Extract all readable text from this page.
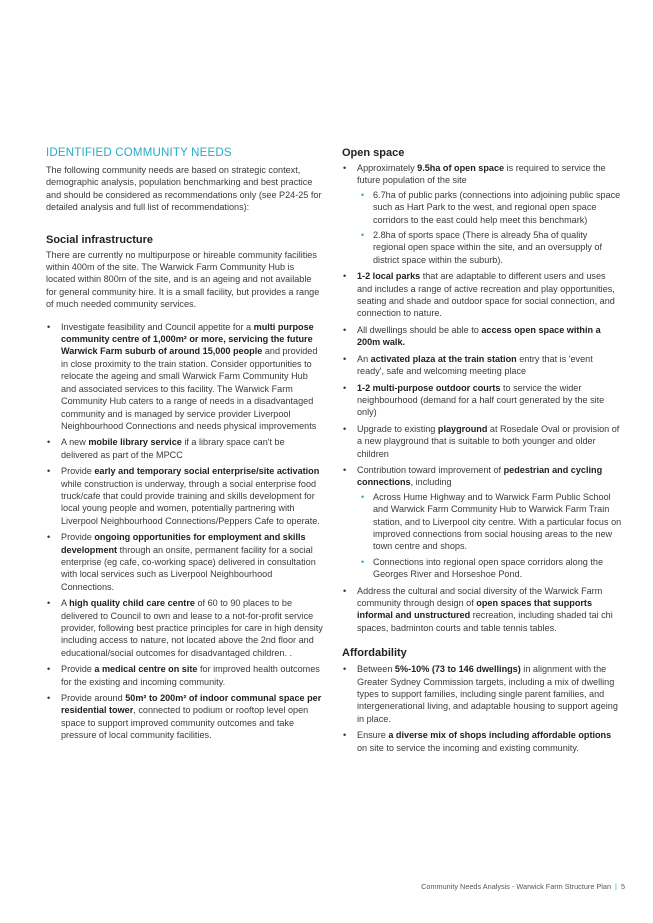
IDENTIFIED COMMUNITY NEEDS

The following community needs are based on strategic context, demographic analysis, population benchmarking and best practice and should be considered as recommendations only (see P24-25 for detailed analysis and full list of recommendations):

Social infrastructure

There are currently no multipurpose or hireable community facilities within 400m of the site. The Warwick Farm Community Hub is located within 800m of the site, and is an ageing and not available for general community hire. It is a small facility, but provides a range of much needed community services.

• Investigate feasibility and Council appetite for a multi purpose community centre of 1,000m² or more, servicing the future Warwick Farm suburb of around 15,000 people and provided in close proximity to the train station. Consider opportunities to relocate the ageing and small Warwick Farm Community Hub and associated services to this facility. The Warwick Farm Community Hub caters to a range of needs in a disadvantaged community and is managed by service provider Liverpool Neighbourhood Connections and needs physical improvements
• A new mobile library service if a library space can't be delivered as part of the MPCC
• Provide early and temporary social enterprise/site activation while construction is underway, through a social enterprise food truck/cafe that could provide training and skills development for local young people and women, potentially partnering with Liverpool Neighbourhood Connections/Peppers Cafe to operate.
• Provide ongoing opportunities for employment and skills development through an onsite, permanent facility for a social enterprise (eg cafe, co-working space) delivered in consultation with local services such as Liverpool Neighbourhood Connections.
• A high quality child care centre of 60 to 90 places to be delivered to Council to own and lease to a not-for-profit service provider, following best practice principles for care in high density including access to nature, not located above the 2nd floor and educational/social outcomes for disadvantaged children. .
• Provide a medical centre on site for improved health outcomes for the existing and incoming community.
• Provide around 50m² to 200m² of indoor communal space per residential tower, connected to podium or rooftop level open space to support improved community outcomes and take pressure of local community facilities.
Open space
• Approximately 9.5ha of open space is required to service the future population of the site
• 6.7ha of public parks (connections into adjoining public space such as Hart Park to the west, and regional open space corridors to the east could help meet this benchmark)
• 2.8ha of sports space (There is already 5ha of quality regional open space within the site, and an oversupply of district space within the suburb).
• 1-2 local parks that are adaptable to different users and uses and includes a range of active recreation and play opportunities, seating and shade and outdoor space for social connection, and connection to nature.
• All dwellings should be able to access open space within a 200m walk.
• An activated plaza at the train station entry that is 'event ready', safe and welcoming meeting place
• 1-2 multi-purpose outdoor courts to service the wider neighbourhood (demand for a half court generated by the site only)
• Upgrade to existing playground at Rosedale Oval or provision of a new playground that is suitable to both younger and older children
• Contribution toward improvement of pedestrian and cycling connections, including
• Across Hume Highway and to Warwick Farm Public School and Warwick Farm Community Hub to Warwick Farm Train station, and to Liverpool city centre. With a particular focus on improved connections from social housing areas to the new town centre and shops.
• Connections into regional open space corridors along the Georges River and Horseshoe Pond.
• Address the cultural and social diversity of the Warwick Farm community through design of open spaces that supports informal and unstructured recreation, including shaded tai chi spaces, badminton courts and table tennis tables.
Affordability
• Between 5%-10% (73 to 146 dwellings) in alignment with the Greater Sydney Commission targets, including a mix of dwelling types to support families, including single parent families, and intergenerational living, and adaptable housing to support ageing in place.
• Ensure a diverse mix of shops including affordable options on site to service the incoming and existing community.
Community Needs Analysis - Warwick Farm Structure Plan | 5
